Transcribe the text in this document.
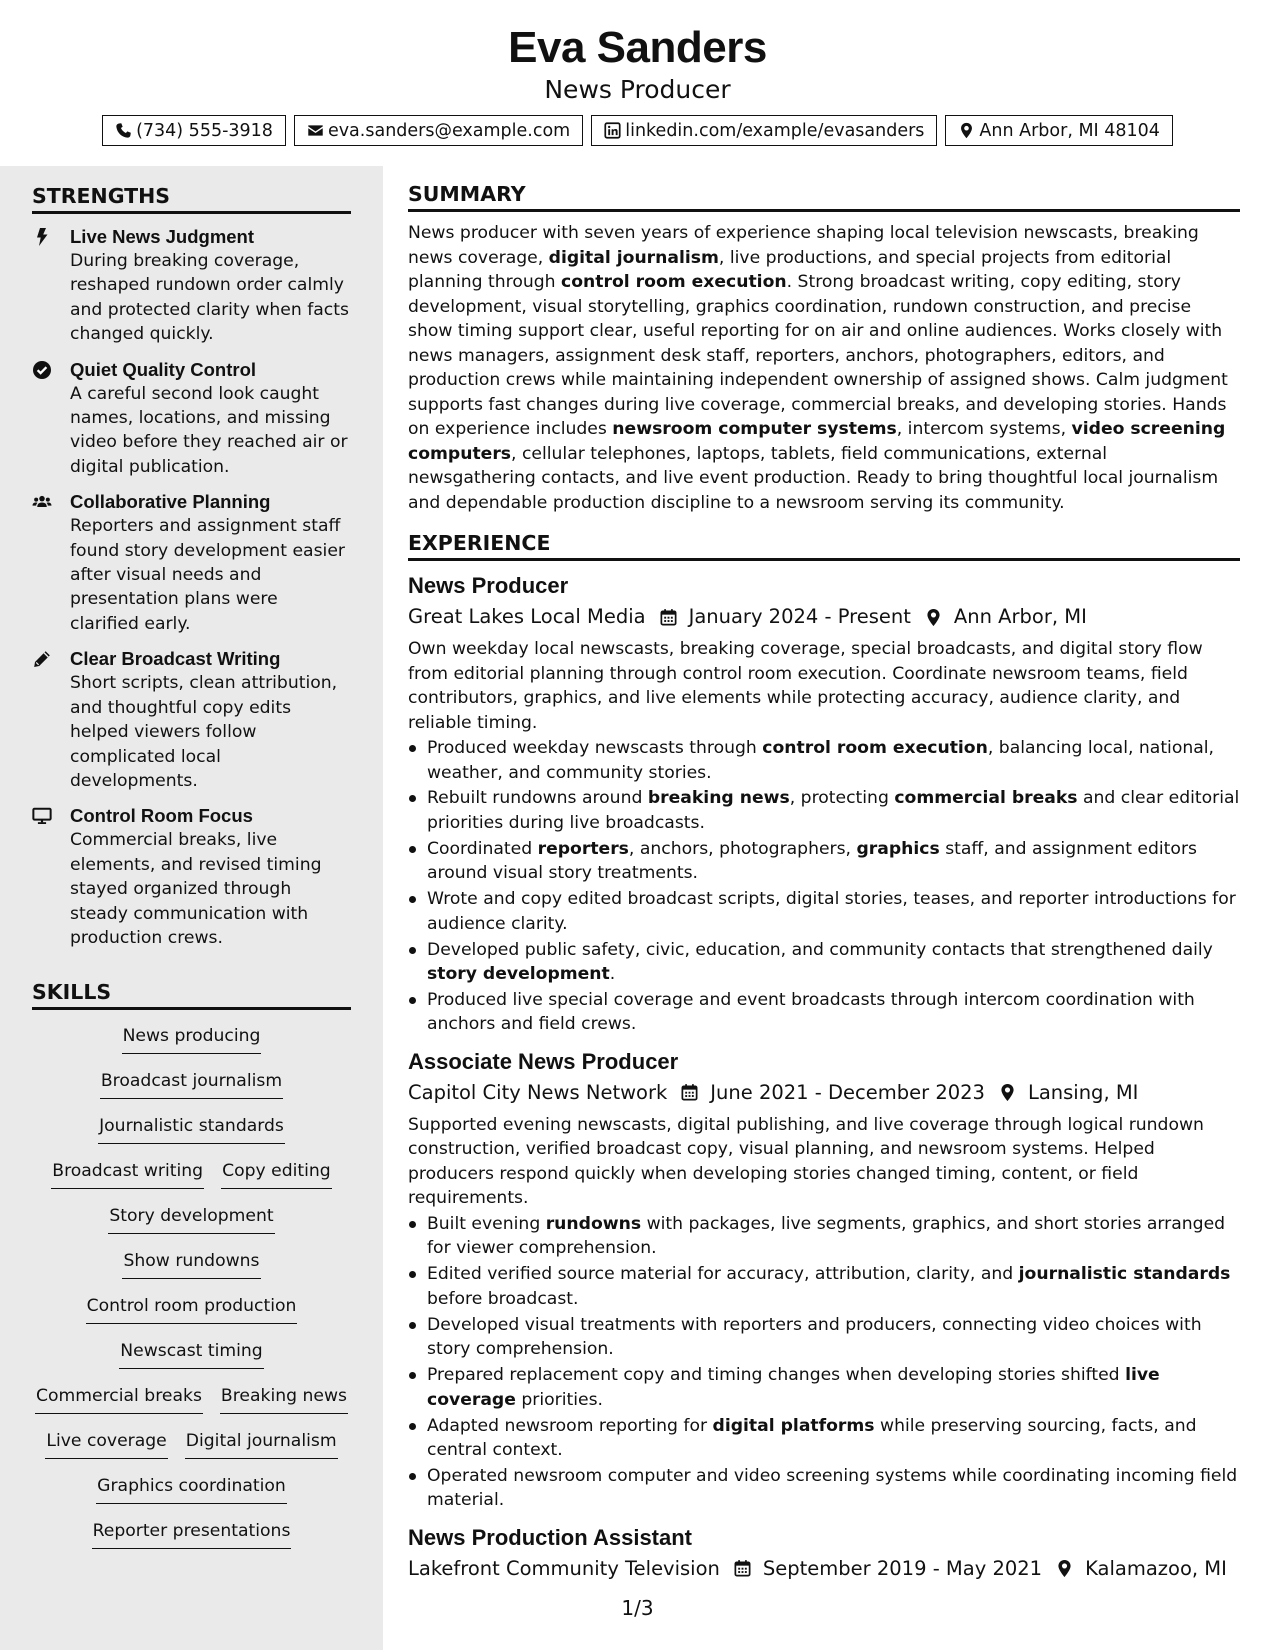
Eva Sanders
News Producer
(734) 555-3918	eva.sanders@example.com	linkedin.com/example/evasanders	Ann Arbor, MI 48104
STRENGTHS
Live News Judgment
During breaking coverage, reshaped rundown order calmly and protected clarity when facts changed quickly.
Quiet Quality Control
A careful second look caught names, locations, and missing video before they reached air or digital publication.
Collaborative Planning
Reporters and assignment staff found story development easier after visual needs and presentation plans were clarified early.
Clear Broadcast Writing
Short scripts, clean attribution, and thoughtful copy edits helped viewers follow complicated local developments.
Control Room Focus
Commercial breaks, live elements, and revised timing stayed organized through steady communication with production crews.
SKILLS
News producing
Broadcast journalism
Journalistic standards
Broadcast writing Copy editing
Story development
Show rundowns
Control room production
Newscast timing
Commercial breaks Breaking news
Live coverage Digital journalism
Graphics coordination
Reporter presentations
SUMMARY
News producer with seven years of experience shaping local television newscasts, breaking news coverage, digital journalism, live productions, and special projects from editorial planning through control room execution. Strong broadcast writing, copy editing, story development, visual storytelling, graphics coordination, rundown construction, and precise show timing support clear, useful reporting for on air and online audiences. Works closely with news managers, assignment desk staff, reporters, anchors, photographers, editors, and production crews while maintaining independent ownership of assigned shows. Calm judgment supports fast changes during live coverage, commercial breaks, and developing stories. Hands on experience includes newsroom computer systems, intercom systems, video screening computers, cellular telephones, laptops, tablets, field communications, external newsgathering contacts, and live event production. Ready to bring thoughtful local journalism and dependable production discipline to a newsroom serving its community.
EXPERIENCE
News Producer
Great Lakes Local Media January 2024 - Present Ann Arbor, MI
Own weekday local newscasts, breaking coverage, special broadcasts, and digital story flow from editorial planning through control room execution. Coordinate newsroom teams, field contributors, graphics, and live elements while protecting accuracy, audience clarity, and reliable timing.
Produced weekday newscasts through control room execution, balancing local, national, weather, and community stories.
Rebuilt rundowns around breaking news, protecting commercial breaks and clear editorial priorities during live broadcasts.
Coordinated reporters, anchors, photographers, graphics staff, and assignment editors around visual story treatments.
Wrote and copy edited broadcast scripts, digital stories, teases, and reporter introductions for audience clarity.
Developed public safety, civic, education, and community contacts that strengthened daily story development.
Produced live special coverage and event broadcasts through intercom coordination with anchors and field crews.
Associate News Producer
Capitol City News Network June 2021 - December 2023 Lansing, MI
Supported evening newscasts, digital publishing, and live coverage through logical rundown construction, verified broadcast copy, visual planning, and newsroom systems. Helped producers respond quickly when developing stories changed timing, content, or field requirements.
Built evening rundowns with packages, live segments, graphics, and short stories arranged for viewer comprehension.
Edited verified source material for accuracy, attribution, clarity, and journalistic standards before broadcast.
Developed visual treatments with reporters and producers, connecting video choices with story comprehension.
Prepared replacement copy and timing changes when developing stories shifted live coverage priorities.
Adapted newsroom reporting for digital platforms while preserving sourcing, facts, and central context.
Operated newsroom computer and video screening systems while coordinating incoming field material.
News Production Assistant
Lakefront Community Television September 2019 - May 2021 Kalamazoo, MI
1/3
